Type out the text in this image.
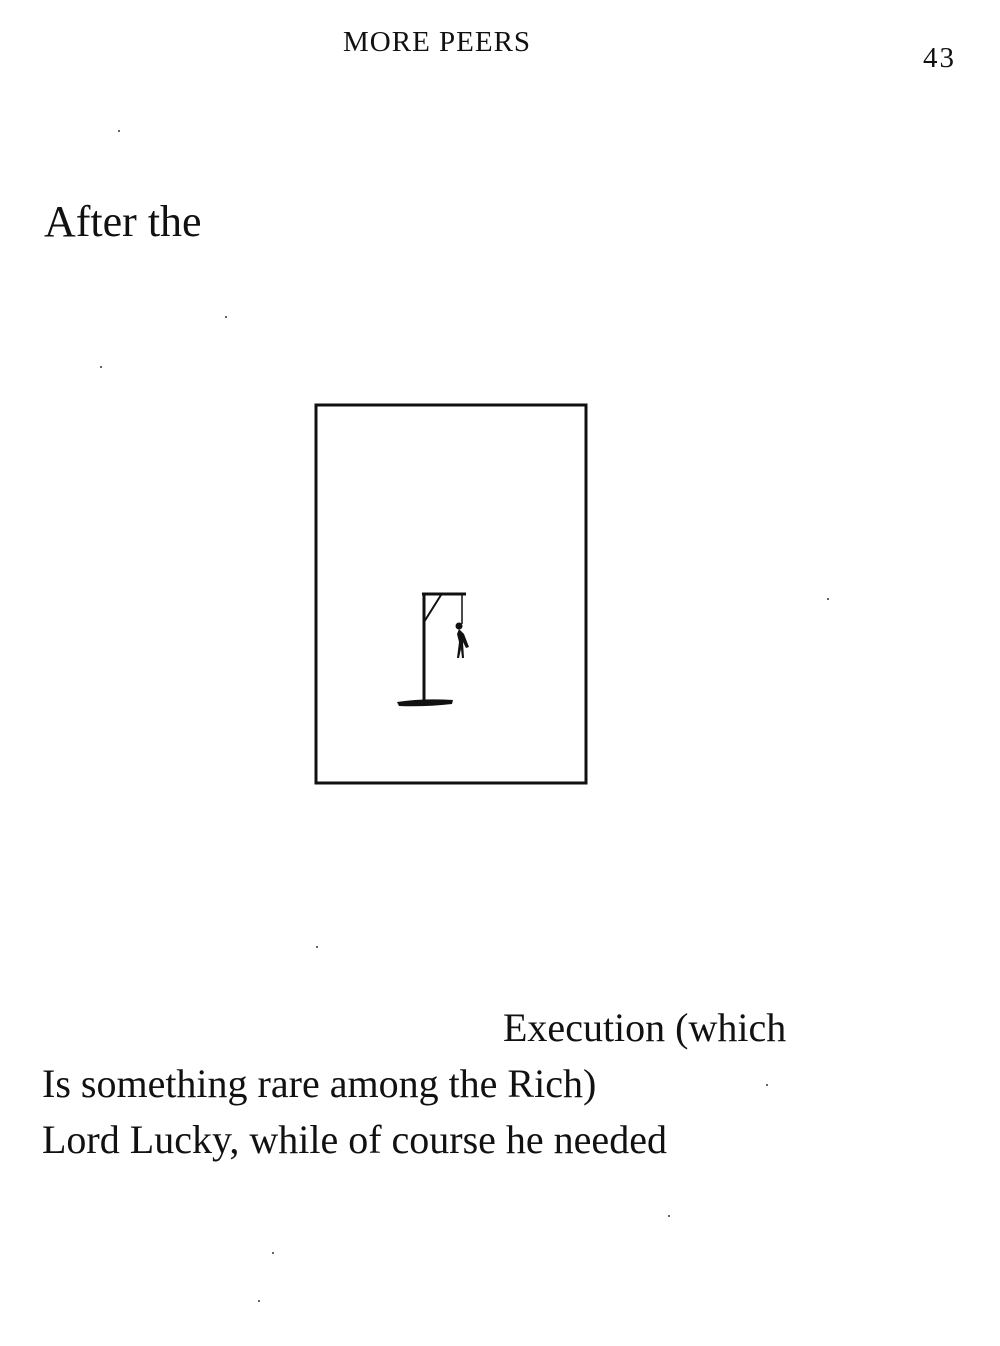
MORE PEERS	43
After the
Execution (which
Is something rare among the Rich)
Lord Lucky, while of course he needed
